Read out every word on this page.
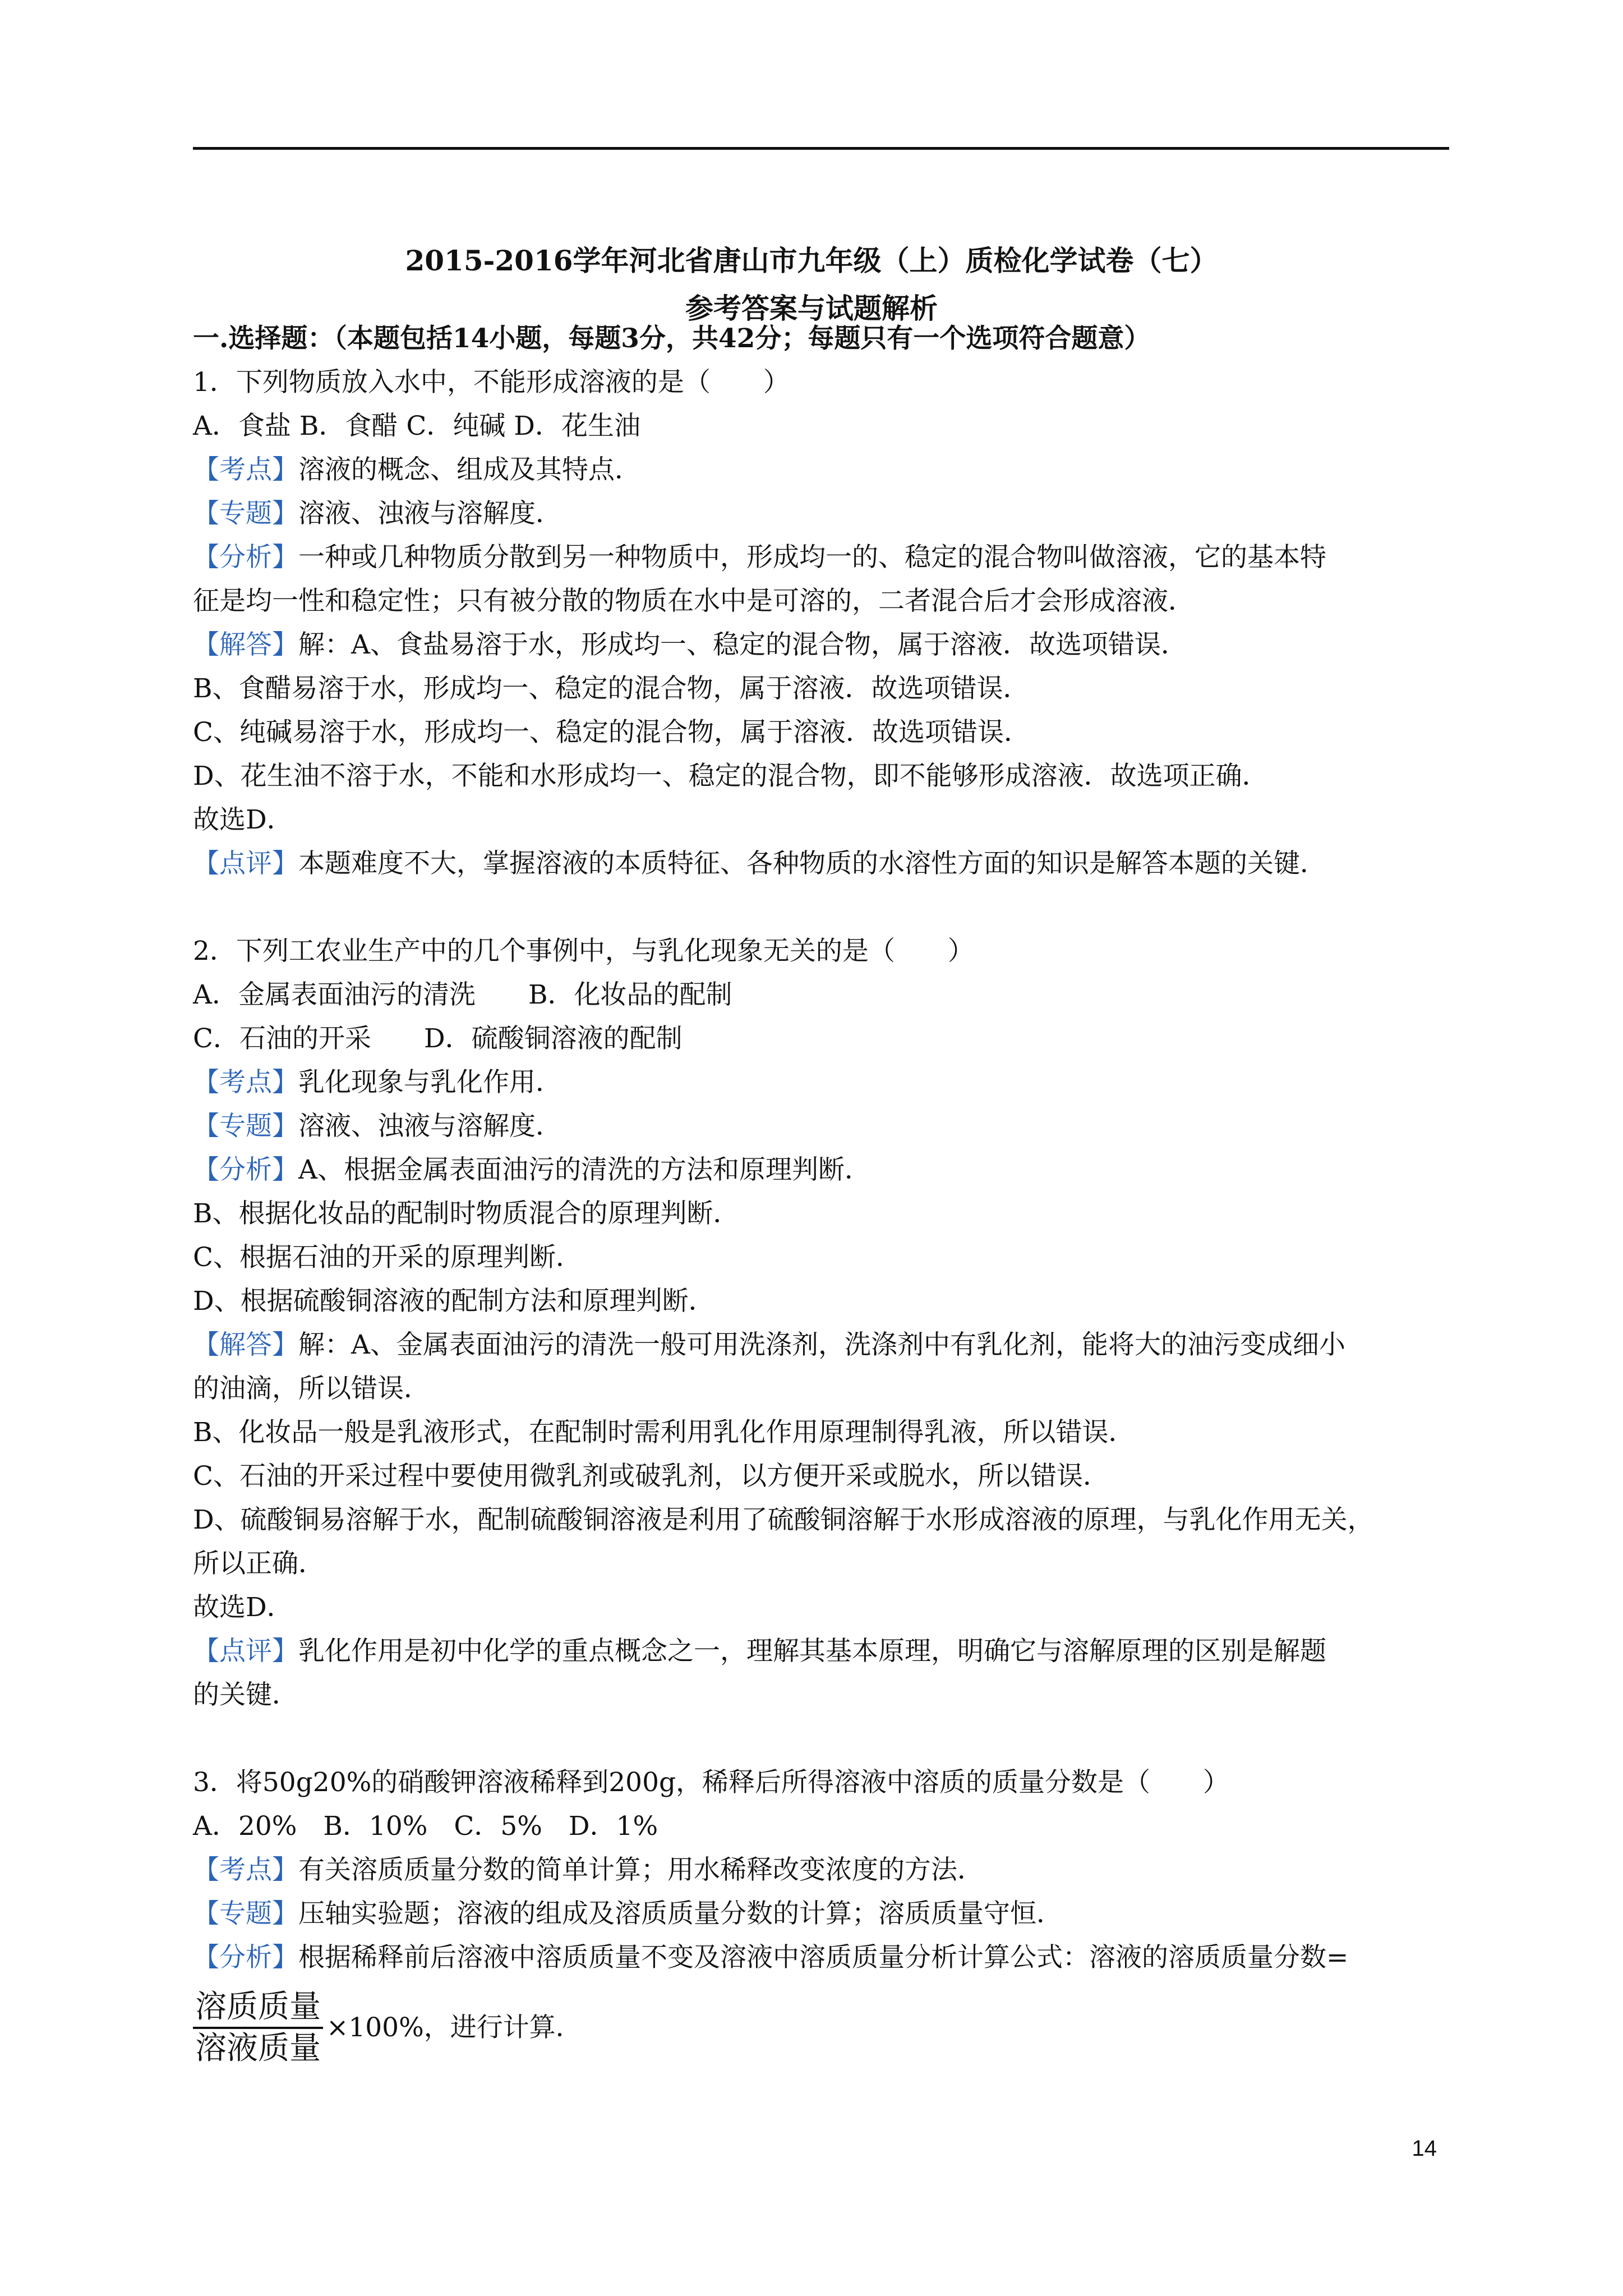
2015-2016学年河北省唐山市九年级（上）质检化学试卷（七）
参考答案与试题解析
一.选择题：（本题包括14小题，每题3分，共42分；每题只有一个选项符合题意）
1．下列物质放入水中，不能形成溶液的是（　　）
A．食盐 B．食醋 C．纯碱 D．花生油
【考点】溶液的概念、组成及其特点．
【专题】溶液、浊液与溶解度．
【分析】一种或几种物质分散到另一种物质中，形成均一的、稳定的混合物叫做溶液，它的基本特
征是均一性和稳定性；只有被分散的物质在水中是可溶的，二者混合后才会形成溶液．
【解答】解：A、食盐易溶于水，形成均一、稳定的混合物，属于溶液．故选项错误．
B、食醋易溶于水，形成均一、稳定的混合物，属于溶液．故选项错误．
C、纯碱易溶于水，形成均一、稳定的混合物，属于溶液．故选项错误．
D、花生油不溶于水，不能和水形成均一、稳定的混合物，即不能够形成溶液．故选项正确．
故选D．
【点评】本题难度不大，掌握溶液的本质特征、各种物质的水溶性方面的知识是解答本题的关键．
2．下列工农业生产中的几个事例中，与乳化现象无关的是（　　）
A．金属表面油污的清洗　　B．化妆品的配制
C．石油的开采　　D．硫酸铜溶液的配制
【考点】乳化现象与乳化作用．
【专题】溶液、浊液与溶解度．
【分析】A、根据金属表面油污的清洗的方法和原理判断．
B、根据化妆品的配制时物质混合的原理判断．
C、根据石油的开采的原理判断．
D、根据硫酸铜溶液的配制方法和原理判断．
【解答】解：A、金属表面油污的清洗一般可用洗涤剂，洗涤剂中有乳化剂，能将大的油污变成细小
的油滴，所以错误．
B、化妆品一般是乳液形式，在配制时需利用乳化作用原理制得乳液，所以错误．
C、石油的开采过程中要使用微乳剂或破乳剂，以方便开采或脱水，所以错误．
D、硫酸铜易溶解于水，配制硫酸铜溶液是利用了硫酸铜溶解于水形成溶液的原理，与乳化作用无关，
所以正确．
故选D．
【点评】乳化作用是初中化学的重点概念之一，理解其基本原理，明确它与溶解原理的区别是解题
的关键．
3．将50g20%的硝酸钾溶液稀释到200g，稀释后所得溶液中溶质的质量分数是（　　）
A．20%　B．10%　C．5%　D．1%
【考点】有关溶质质量分数的简单计算；用水稀释改变浓度的方法．
【专题】压轴实验题；溶液的组成及溶质质量分数的计算；溶质质量守恒．
【分析】根据稀释前后溶液中溶质质量不变及溶液中溶质质量分析计算公式：溶液的溶质质量分数=
$\frac{\text{溶质质量}}{\text{溶液质量}} \times 100\%$，进行计算．
14
